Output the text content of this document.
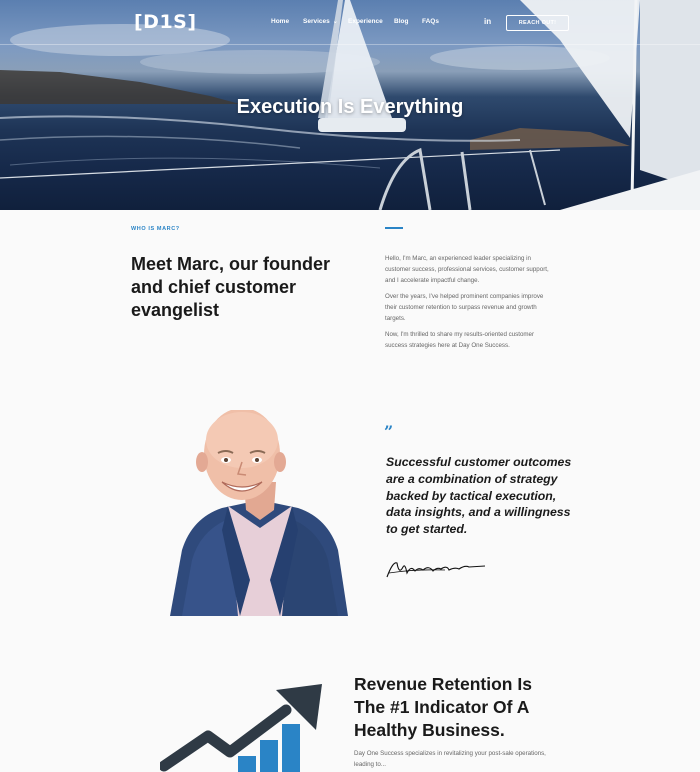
[D1S]	Home Services ⌄ Experience Blog FAQs	in	REACH OUT!
Execution Is Everything
WHO IS MARC?
Meet Marc, our founder and chief customer evangelist

Hello, I'm Marc, an experienced leader specializing in customer success, professional services, customer support, and I accelerate impactful change.

Over the years, I've helped prominent companies improve their customer retention to surpass revenue and growth targets.

Now, I'm thrilled to share my results-oriented customer success strategies here at Day One Success.

”
Successful customer outcomes are a combination of strategy backed by tactical execution, data insights, and a willingness to get started.
Revenue Retention Is The #1 Indicator Of A Healthy Business.

Day One Success specializes in revitalizing your post-sale operations, leading to...
